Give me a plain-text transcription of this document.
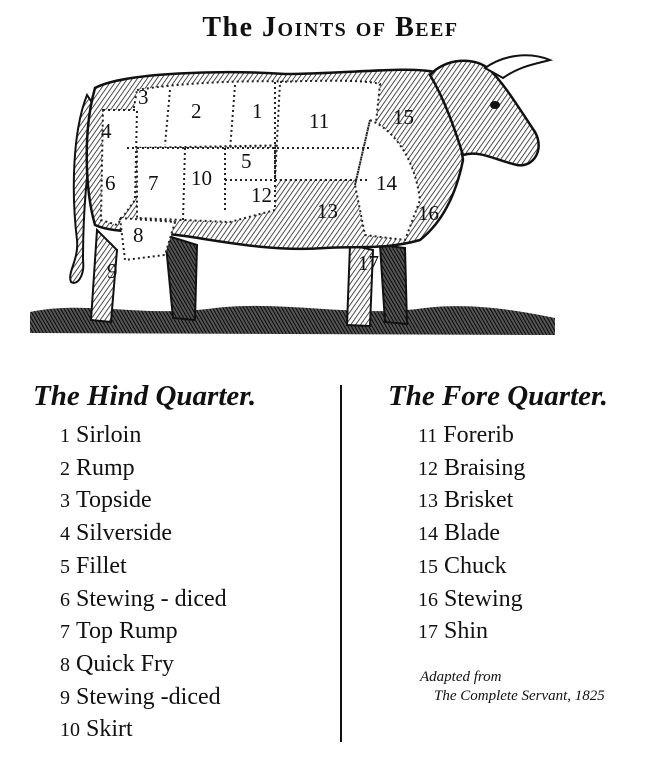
The Joints of Beef
1
2
3
4
5
6 7
8
9
10
11
12
13
14
15
16
17
The Hind Quarter.	The Fore Quarter.
1 Sirloin
2 Rump
3 Topside
4 Silverside
5 Fillet
6 Stewing - diced
7 Top Rump
8 Quick Fry
9 Stewing -diced
10 Skirt
11 Forerib
12 Braising
13 Brisket
14 Blade
15 Chuck
16 Stewing
17 Shin
Adapted from
The Complete Servant, 1825
